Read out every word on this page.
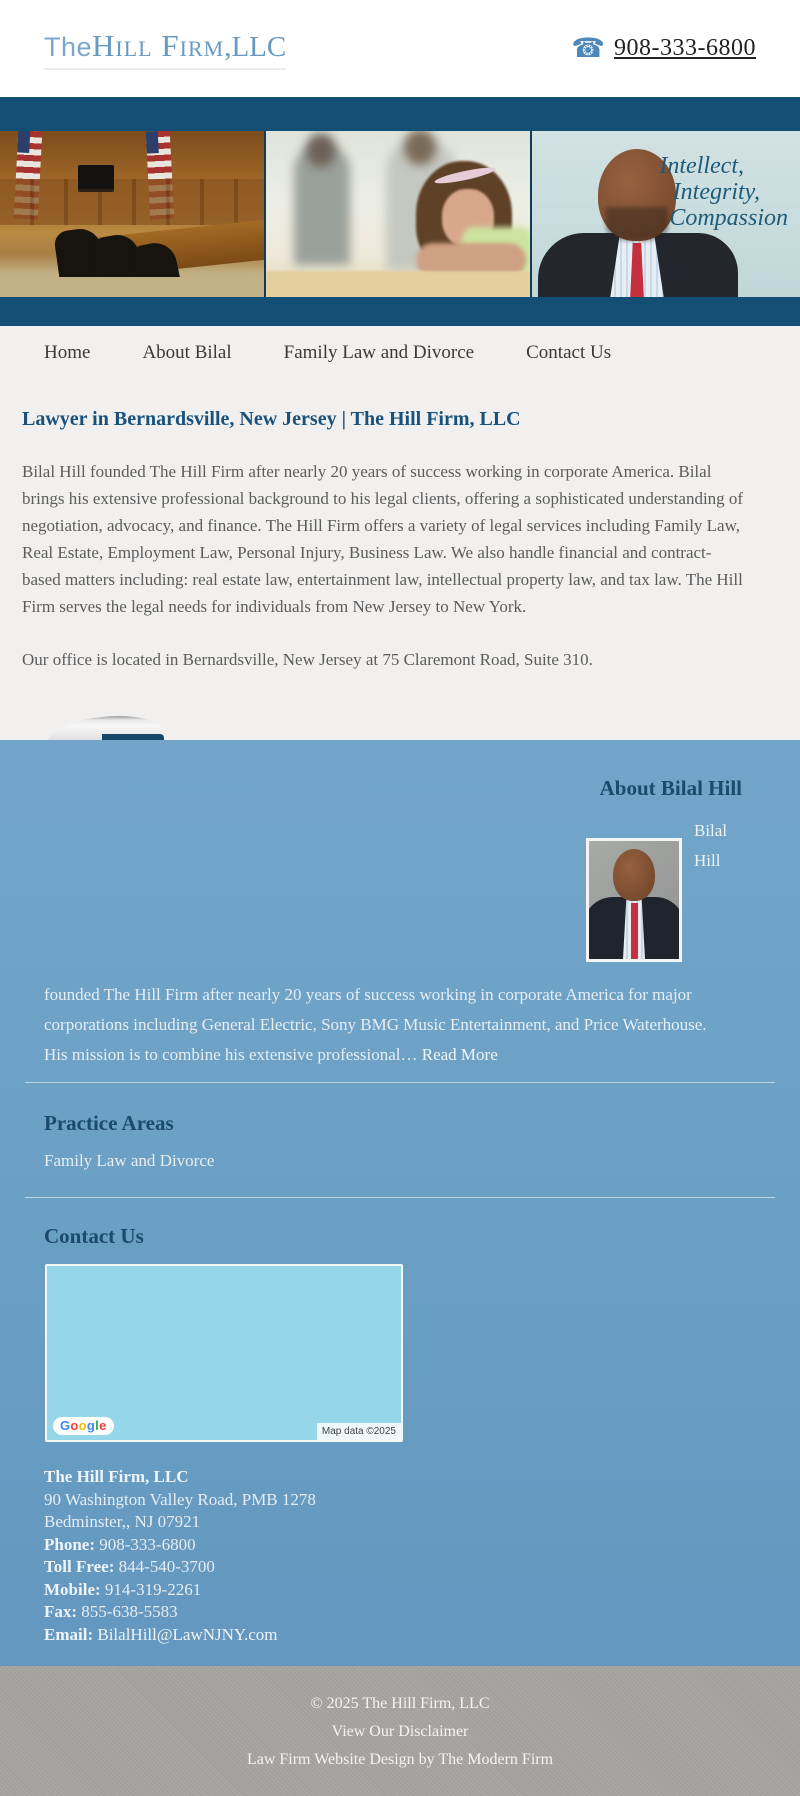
TheHill Firm,LLC	☎ 908-333-6800
Intellect,
Integrity,
Compassion
Home	About Bilal	Family Law and Divorce	Contact Us
Lawyer in Bernardsville, New Jersey | The Hill Firm, LLC

Bilal Hill founded The Hill Firm after nearly 20 years of success working in corporate America. Bilal brings his extensive professional background to his legal clients, offering a sophisticated understanding of negotiation, advocacy, and finance. The Hill Firm offers a variety of legal services including Family Law, Real Estate, Employment Law, Personal Injury, Business Law. We also handle financial and contract-based matters including: real estate law, entertainment law, intellectual property law, and tax law. The Hill Firm serves the legal needs for individuals from New Jersey to New York.

Our office is located in Bernardsville, New Jersey at 75 Claremont Road, Suite 310.

About Bilal Hill
Bilal Hill
founded The Hill Firm after nearly 20 years of success working in corporate America for major corporations including General Electric, Sony BMG Music Entertainment, and Price Waterhouse. His mission is to combine his extensive professional… Read More
Practice Areas
Family Law and Divorce
Contact Us
Google	Map data ©2025
The Hill Firm, LLC
90 Washington Valley Road, PMB 1278
Bedminster,, NJ 07921
Phone: 908-333-6800
Toll Free: 844-540-3700
Mobile: 914-319-2261
Fax: 855-638-5583
Email: BilalHill@LawNJNY.com
© 2025 The Hill Firm, LLC
View Our Disclaimer
Law Firm Website Design by The Modern Firm
